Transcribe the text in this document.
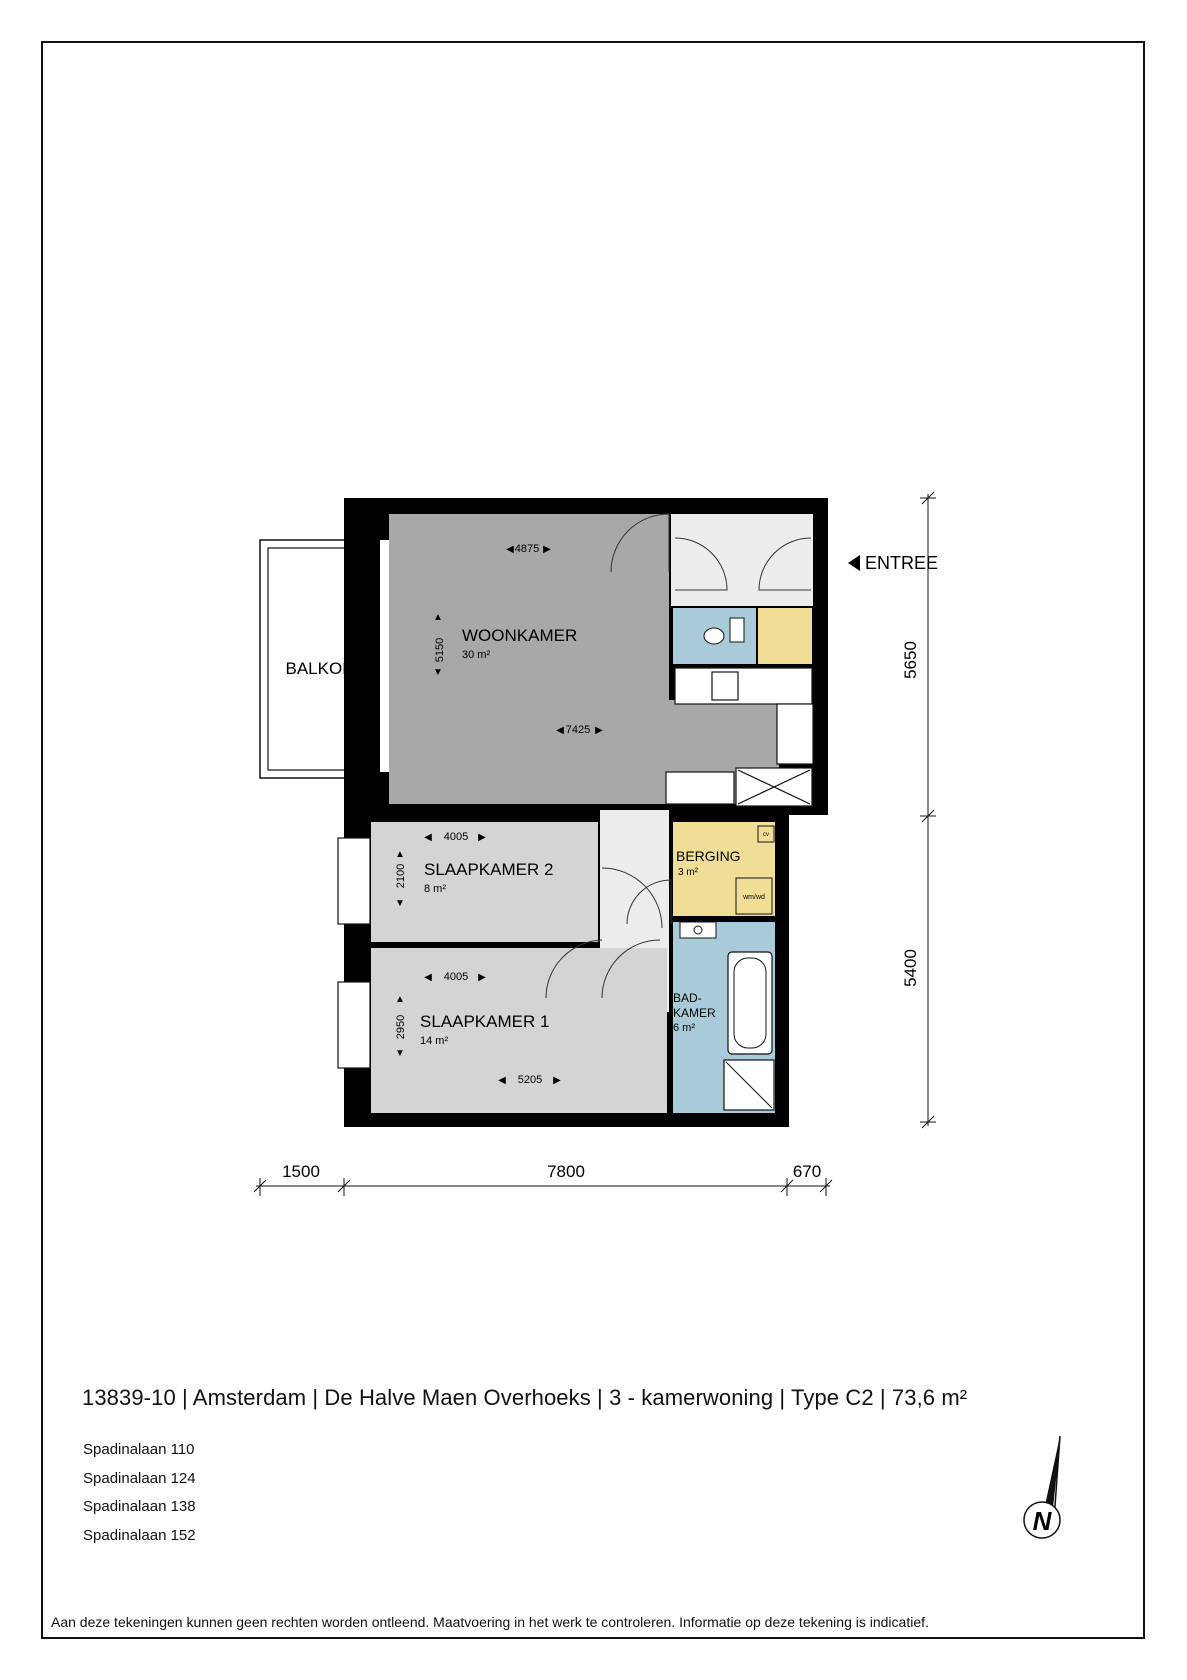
4875
◀	▶
WOONKAMER
30 m²
5150
▲
▼
7425
◀	▶
BALKON
4005
◀	▶
SLAAPKAMER 2
8 m²
2100
▲
▼
4005
◀	▶
SLAAPKAMER 1
14 m²
2950
▲
▼
5205
◀	▶
BERGING
3 m²
wm/wd
cv
BAD-
KAMER
6 m²
ENTREE
5650
5400
1500	7800	670
N
13839-10 | Amsterdam | De Halve Maen Overhoeks | 3 - kamerwoning | Type C2 | 73,6 m²
Spadinalaan 110
Spadinalaan 124
Spadinalaan 138
Spadinalaan 152
Aan deze tekeningen kunnen geen rechten worden ontleend. Maatvoering in het werk te controleren. Informatie op deze tekening is indicatief.
